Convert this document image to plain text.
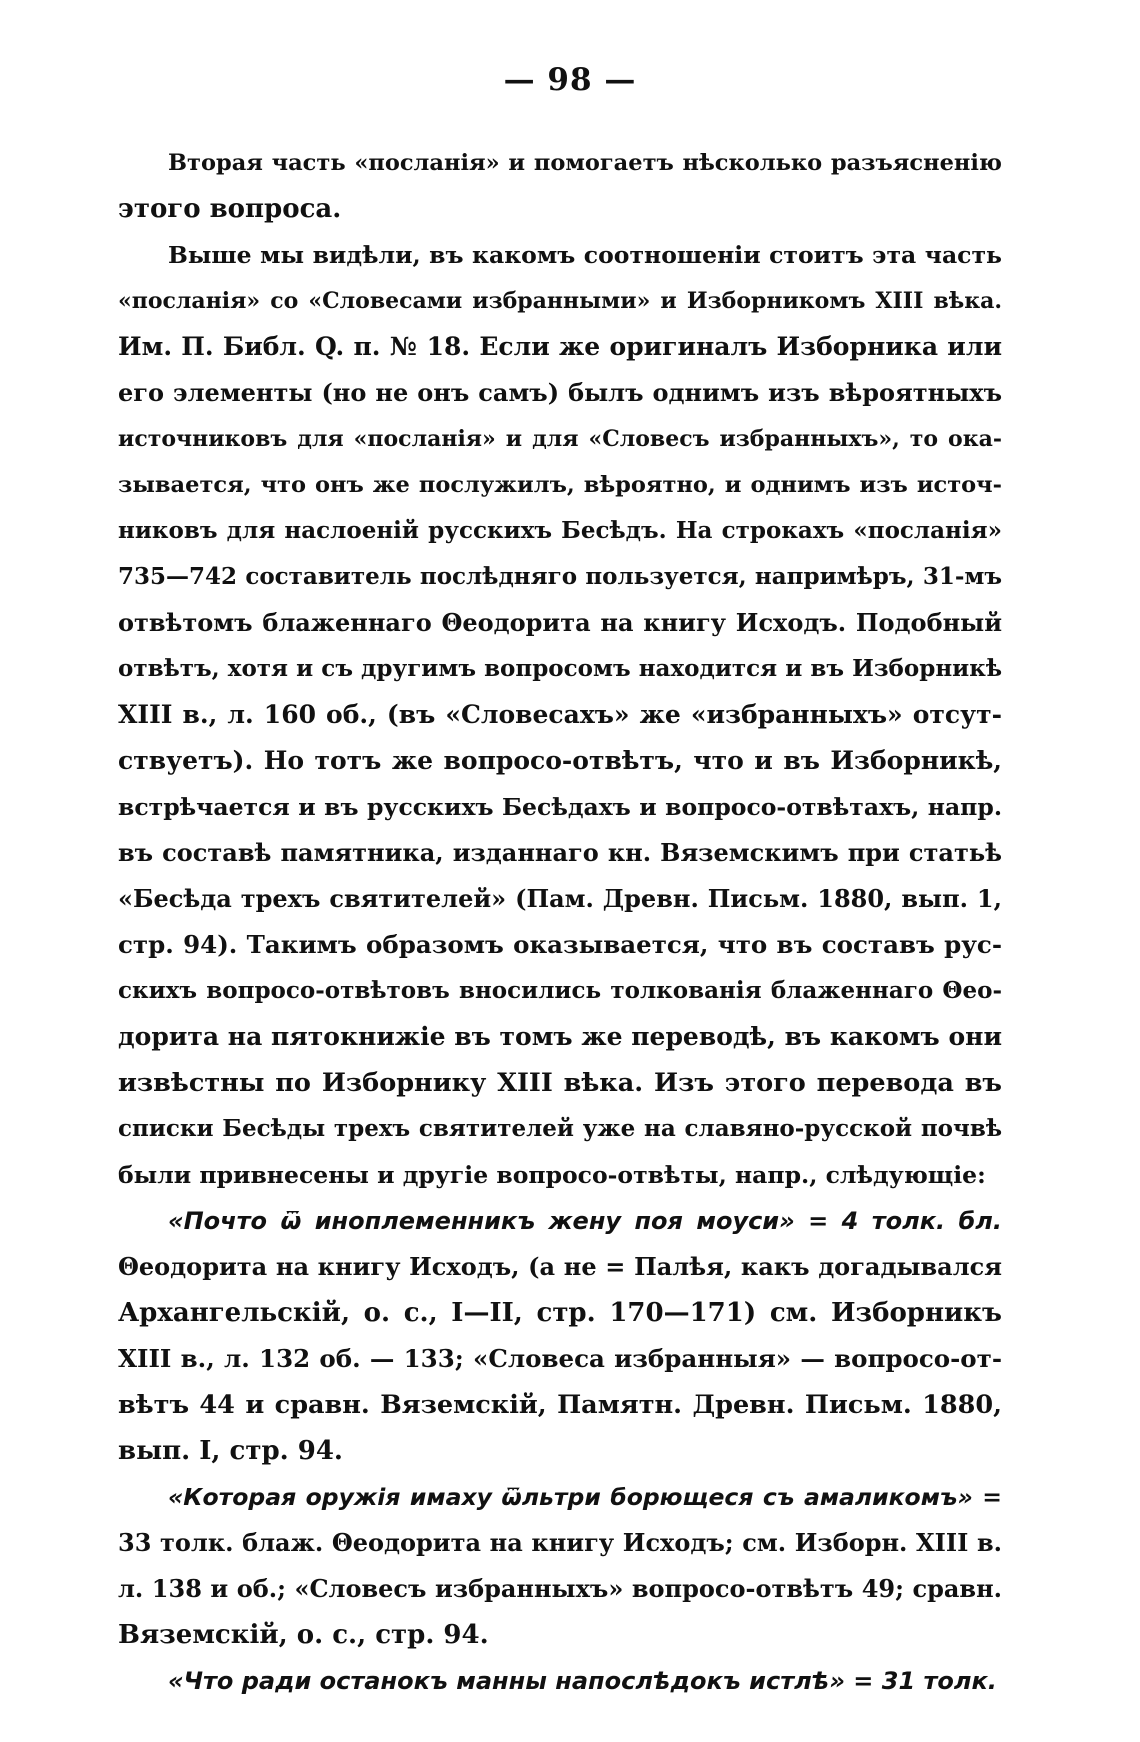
— 98 —
Вторая часть «посланія» и помогаетъ нѣсколько разъясненію
этого вопроса.
Выше мы видѣли, въ какомъ соотношеніи стоитъ эта часть
«посланія» со «Словесами избранными» и Изборникомъ XIII вѣка.
Им. П. Библ. Q. п. № 18. Если же оригиналъ Изборника или
его элементы (но не онъ самъ) былъ однимъ изъ вѣроятныхъ
источниковъ для «посланія» и для «Словесъ избранныхъ», то ока-
зывается, что онъ же послужилъ, вѣроятно, и однимъ изъ источ-
никовъ для наслоеній русскихъ Бесѣдъ. На строкахъ «посланія»
735—742 составитель послѣдняго пользуется, напримѣръ, 31-мъ
отвѣтомъ блаженнаго Θеодорита на книгу Исходъ. Подобный
отвѣтъ, хотя и съ другимъ вопросомъ находится и въ Изборникѣ
XIII в., л. 160 об., (въ «Словесахъ» же «избранныхъ» отсут-
ствуетъ). Но тотъ же вопросо-отвѣтъ, что и въ Изборникѣ,
встрѣчается и въ русскихъ Бесѣдахъ и вопросо-отвѣтахъ, напр.
въ составѣ памятника, изданнаго кн. Вяземскимъ при статьѣ
«Бесѣда трехъ святителей» (Пам. Древн. Письм. 1880, вып. 1,
стр. 94). Такимъ образомъ оказывается, что въ составъ рус-
скихъ вопросо-отвѣтовъ вносились толкованія блаженнаго Θео-
дорита на пятокнижіе въ томъ же переводѣ, въ какомъ они
извѣстны по Изборнику XIII вѣка. Изъ этого перевода въ
списки Бесѣды трехъ святителей уже на славяно-русской почвѣ
были привнесены и другіе вопросо-отвѣты, напр., слѣдующіе:
«Почто ѿ иноплеменникъ жену поя моуси» = 4 толк. бл.
Θеодорита на книгу Исходъ, (а не = Палѣя, какъ догадывался
Архангельскій, о. с., I—II, стр. 170—171) см. Изборникъ
XIII в., л. 132 об. — 133; «Словеса избранныя» — вопросо-от-
вѣтъ 44 и сравн. Вяземскій, Памятн. Древн. Письм. 1880,
вып. I, стр. 94.
«Которая оружія имаху ѿльтри борющеся съ амаликомъ» =
33 толк. блаж. Θеодорита на книгу Исходъ; см. Изборн. XIII в.
л. 138 и об.; «Словесъ избранныхъ» вопросо-отвѣтъ 49; сравн.
Вяземскій, о. с., стр. 94.
«Что ради останокъ манны напослѣдокъ истлѣ» = 31 толк.
